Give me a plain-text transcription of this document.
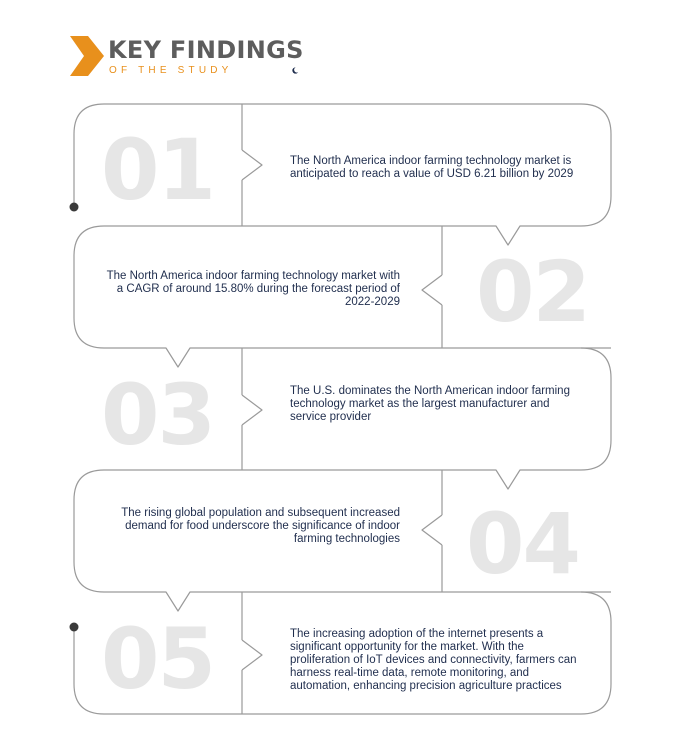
KEY FINDINGS
OF THE STUDY
01	The North America indoor farming technology market is anticipated to reach a value of USD 6.21 billion by 2029
02
The North America indoor farming technology market with a CAGR of around 15.80% during the forecast period of 2022-2029
03	The U.S. dominates the North American indoor farming technology market as the largest manufacturer and service provider
04
The rising global population and subsequent increased demand for food underscore the significance of indoor farming technologies
05	The increasing adoption of the internet presents a significant opportunity for the market. With the proliferation of IoT devices and connectivity, farmers can harness real-time data, remote monitoring, and automation, enhancing precision agriculture practices
